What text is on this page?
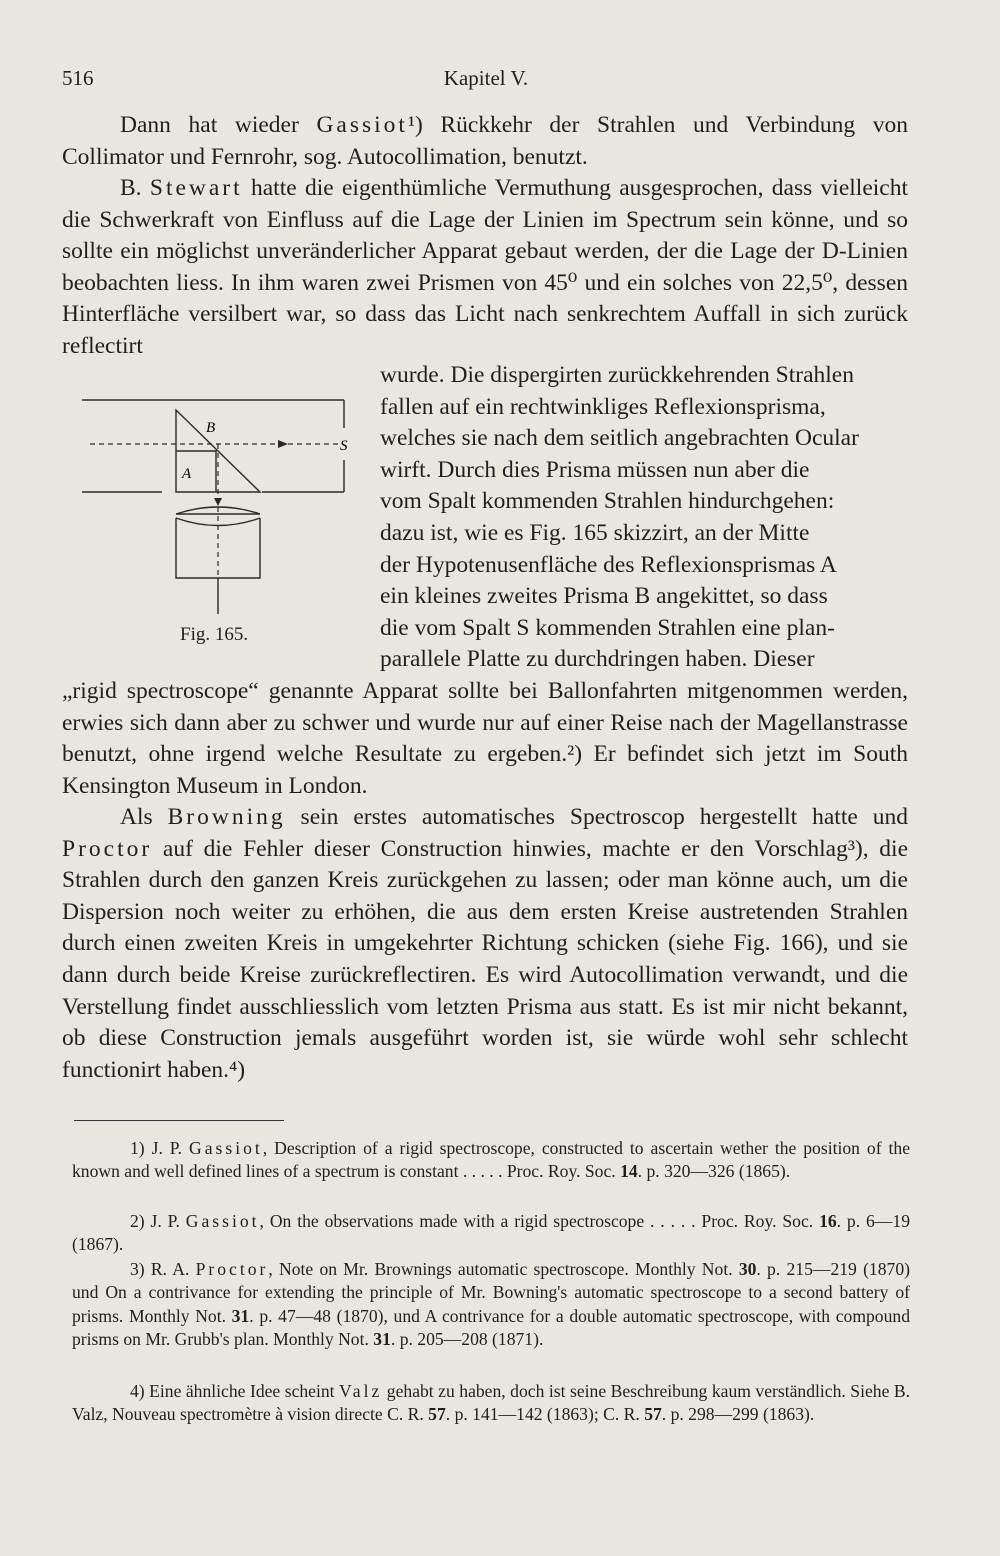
516	Kapitel V.

Dann hat wieder Gassiot¹) Rückkehr der Strahlen und Verbindung von Collimator und Fernrohr, sog. Autocollimation, benutzt.

B. Stewart hatte die eigenthümliche Vermuthung ausgesprochen, dass vielleicht die Schwerkraft von Einfluss auf die Lage der Linien im Spectrum sein könne, und so sollte ein möglichst unveränderlicher Apparat gebaut werden, der die Lage der D-Linien beobachten liess. In ihm waren zwei Prismen von 45⁰ und ein solches von 22,5⁰, dessen Hinterfläche versilbert war, so dass das Licht nach senkrechtem Auffall in sich zurück reflectirt

wurde. Die dispergirten zurückkehrenden Strahlen

fallen auf ein rechtwinkliges Reflexionsprisma,

welches sie nach dem seitlich angebrachten Ocular

wirft. Durch dies Prisma müssen nun aber die

vom Spalt kommenden Strahlen hindurchgehen:

dazu ist, wie es Fig. 165 skizzirt, an der Mitte

der Hypotenusenfläche des Reflexionsprismas A

ein kleines zweites Prisma B angekittet, so dass

die vom Spalt S kommenden Strahlen eine plan-

parallele Platte zu durchdringen haben. Dieser

B
A
S
Fig. 165.

„rigid spectroscope“ genannte Apparat sollte bei Ballonfahrten mitgenommen werden, erwies sich dann aber zu schwer und wurde nur auf einer Reise nach der Magellanstrasse benutzt, ohne irgend welche Resultate zu ergeben.²) Er befindet sich jetzt im South Kensington Museum in London.

Als Browning sein erstes automatisches Spectroscop hergestellt hatte und Proctor auf die Fehler dieser Construction hinwies, machte er den Vorschlag³), die Strahlen durch den ganzen Kreis zurückgehen zu lassen; oder man könne auch, um die Dispersion noch weiter zu erhöhen, die aus dem ersten Kreise austretenden Strahlen durch einen zweiten Kreis in umgekehrter Richtung schicken (siehe Fig. 166), und sie dann durch beide Kreise zurückreflectiren. Es wird Autocollimation verwandt, und die Verstellung findet ausschliesslich vom letzten Prisma aus statt. Es ist mir nicht bekannt, ob diese Construction jemals ausgeführt worden ist, sie würde wohl sehr schlecht functionirt haben.⁴)

1) J. P. Gassiot, Description of a rigid spectroscope, constructed to ascertain wether the position of the known and well defined lines of a spectrum is constant . . . . . Proc. Roy. Soc. 14. p. 320—326 (1865).

2) J. P. Gassiot, On the observations made with a rigid spectroscope . . . . . Proc. Roy. Soc. 16. p. 6—19 (1867).

3) R. A. Proctor, Note on Mr. Brownings automatic spectroscope. Monthly Not. 30. p. 215—219 (1870) und On a contrivance for extending the principle of Mr. Bowning's automatic spectroscope to a second battery of prisms. Monthly Not. 31. p. 47—48 (1870), und A contrivance for a double automatic spectroscope, with compound prisms on Mr. Grubb's plan. Monthly Not. 31. p. 205—208 (1871).

4) Eine ähnliche Idee scheint Valz gehabt zu haben, doch ist seine Beschreibung kaum verständlich. Siehe B. Valz, Nouveau spectromètre à vision directe C. R. 57. p. 141—142 (1863); C. R. 57. p. 298—299 (1863).
